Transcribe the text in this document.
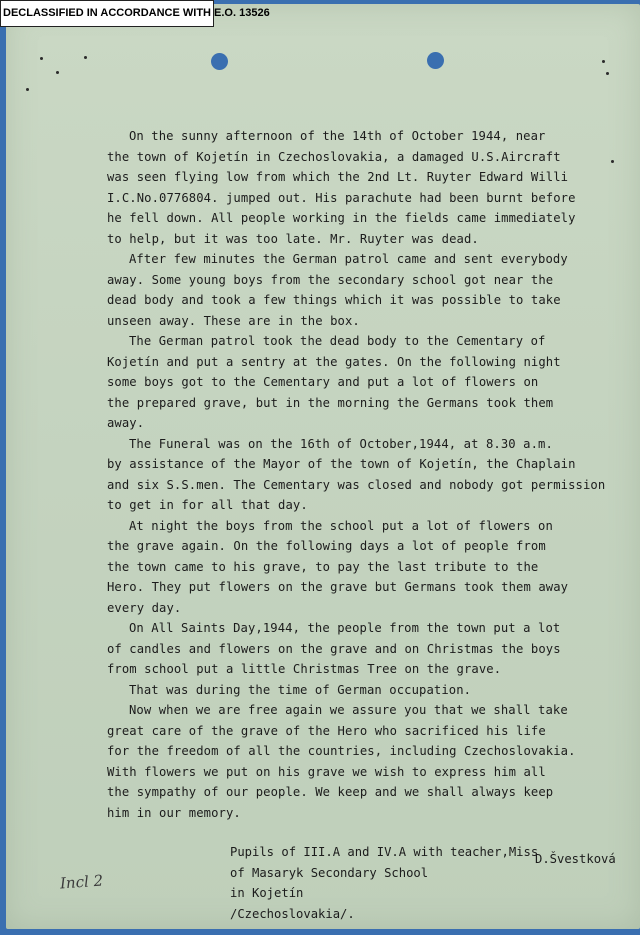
DECLASSIFIED IN ACCORDANCE WITH E.O. 13526
On the sunny afternoon of the 14th of October 1944, near
the town of Kojetín in Czechoslovakia, a damaged U.S.Aircraft
was seen flying low from which the 2nd Lt. Ruyter Edward Willi
I.C.No.0776804. jumped out. His parachute had been burnt before
he fell down. All people working in the fields came immediately
to help, but it was too late. Mr. Ruyter was dead.
After few minutes the German patrol came and sent everybody
away. Some young boys from the secondary school got near the
dead body and took a few things which it was possible to take
unseen away. These are in the box.
The German patrol took the dead body to the Cementary of
Kojetín and put a sentry at the gates. On the following night
some boys got to the Cementary and put a lot of flowers on
the prepared grave, but in the morning the Germans took them
away.
The Funeral was on the 16th of October,1944, at 8.30 a.m.
by assistance of the Mayor of the town of Kojetín, the Chaplain
and six S.S.men. The Cementary was closed and nobody got permission
to get in for all that day.
At night the boys from the school put a lot of flowers on
the grave again. On the following days a lot of people from
the town came to his grave, to pay the last tribute to the
Hero. They put flowers on the grave but Germans took them away
every day.
On All Saints Day,1944, the people from the town put a lot
of candles and flowers on the grave and on Christmas the boys
from school put a little Christmas Tree on the grave.
That was during the time of German occupation.
Now when we are free again we assure you that we shall take
great care of the grave of the Hero who sacrificed his life
for the freedom of all the countries, including Czechoslovakia.
With flowers we put on his grave we wish to express him all
the sympathy of our people. We keep and we shall always keep
him in our memory.
Pupils of III.A and IV.A with teacher,Miss
of Masaryk Secondary School
in Kojetín
/Czechoslovakia/.
D.Švestková
Incl 2
